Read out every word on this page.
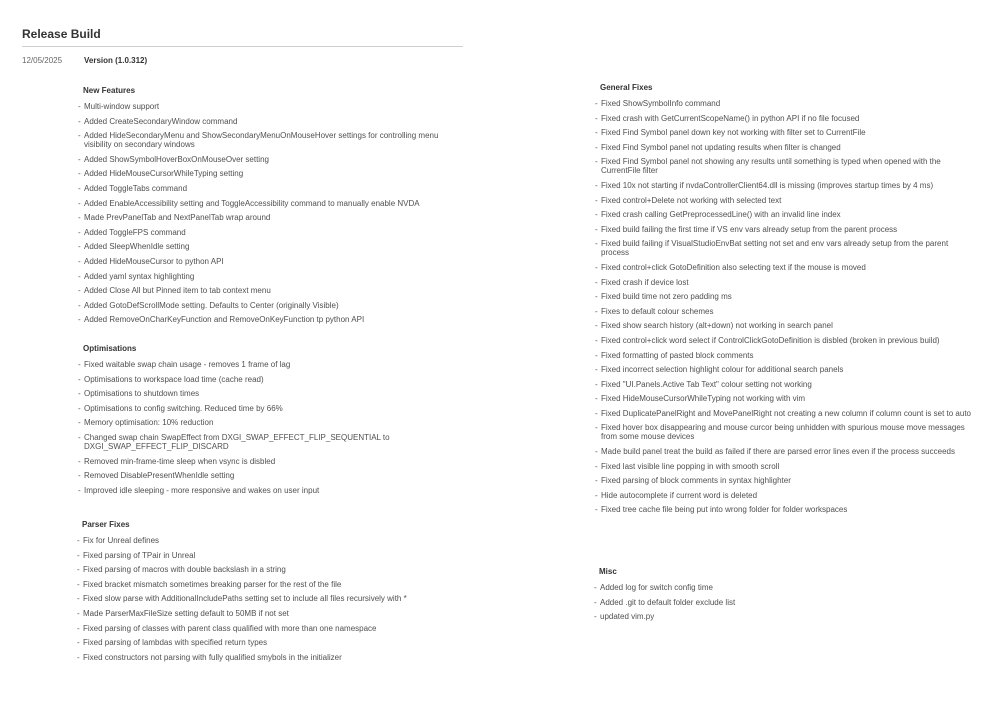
Release Build
12/05/2025	Version (1.0.312)
New Features
- Multi-window support
- Added CreateSecondaryWindow command
- Added HideSecondaryMenu and ShowSecondaryMenuOnMouseHover settings for controlling menu visibility on secondary windows
- Added ShowSymbolHoverBoxOnMouseOver setting
- Added HideMouseCursorWhileTyping setting
- Added ToggleTabs command
- Added EnableAccessibility setting and ToggleAccessibility command to manually enable NVDA
- Made PrevPanelTab and NextPanelTab wrap around
- Added ToggleFPS command
- Added SleepWhenIdle setting
- Added HideMouseCursor to python API
- Added yaml syntax highlighting
- Added Close All but Pinned item to tab context menu
- Added GotoDefScrollMode setting. Defaults to Center (originally Visible)
- Added RemoveOnCharKeyFunction and RemoveOnKeyFunction tp python API
Optimisations
- Fixed waitable swap chain usage - removes 1 frame of lag
- Optimisations to workspace load time (cache read)
- Optimisations to shutdown times
- Optimisations to config switching. Reduced time by 66%
- Memory optimisation: 10% reduction
- Changed swap chain SwapEffect from DXGI_SWAP_EFFECT_FLIP_SEQUENTIAL to DXGI_SWAP_EFFECT_FLIP_DISCARD
- Removed min-frame-time sleep when vsync is disbled
- Removed DisablePresentWhenIdle setting
- Improved idle sleeping - more responsive and wakes on user input
Parser Fixes
- Fix for Unreal defines
- Fixed parsing of TPair in Unreal
- Fixed parsing of macros with double backslash in a string
- Fixed bracket mismatch sometimes breaking parser for the rest of the file
- Fixed slow parse with AdditionalIncludePaths setting set to include all files recursively with *
- Made ParserMaxFileSize setting default to 50MB if not set
- Fixed parsing of classes with parent class qualified with more than one namespace
- Fixed parsing of lambdas with specified return types
- Fixed constructors not parsing with fully qualified smybols in the initializer
General Fixes
- Fixed ShowSymbolInfo command
- Fixed crash with GetCurrentScopeName() in python API if no file focused
- Fixed Find Symbol panel down key not working with filter set to CurrentFile
- Fixed Find Symbol panel not updating results when filter is changed
- Fixed Find Symbol panel not showing any results until something is typed when opened with the CurrentFile filter
- Fixed 10x not starting if nvdaControllerClient64.dll is missing (improves startup times by 4 ms)
- Fixed control+Delete not working with selected text
- Fixed crash calling GetPreprocessedLine() with an invalid line index
- Fixed build failing the first time if VS env vars already setup from the parent process
- Fixed build failing if VisualStudioEnvBat setting not set and env vars already setup from the parent process
- Fixed control+click GotoDefinition also selecting text if the mouse is moved
- Fixed crash if device lost
- Fixed build time not zero padding ms
- Fixes to default colour schemes
- Fixed show search history (alt+down) not working in search panel
- Fixed control+click word select if ControlClickGotoDefinition is disbled (broken in previous build)
- Fixed formatting of pasted block comments
- Fixed incorrect selection highlight colour for additional search panels
- Fixed "UI.Panels.Active Tab Text" colour setting not working
- Fixed HideMouseCursorWhileTyping not working with vim
- Fixed DuplicatePanelRight and MovePanelRight not creating a new column if column count is set to auto
- Fixed hover box disappearing and mouse curcor being unhidden with spurious mouse move messages from some mouse devices
- Made build panel treat the build as failed if there are parsed error lines even if the process succeeds
- Fixed last visible line popping in with smooth scroll
- Fixed parsing of block comments in syntax highlighter
- Hide autocomplete if current word is deleted
- Fixed tree cache file being put into wrong folder for folder workspaces
Misc
- Added log for switch config time
- Added .git to default folder exclude list
- updated vim.py
